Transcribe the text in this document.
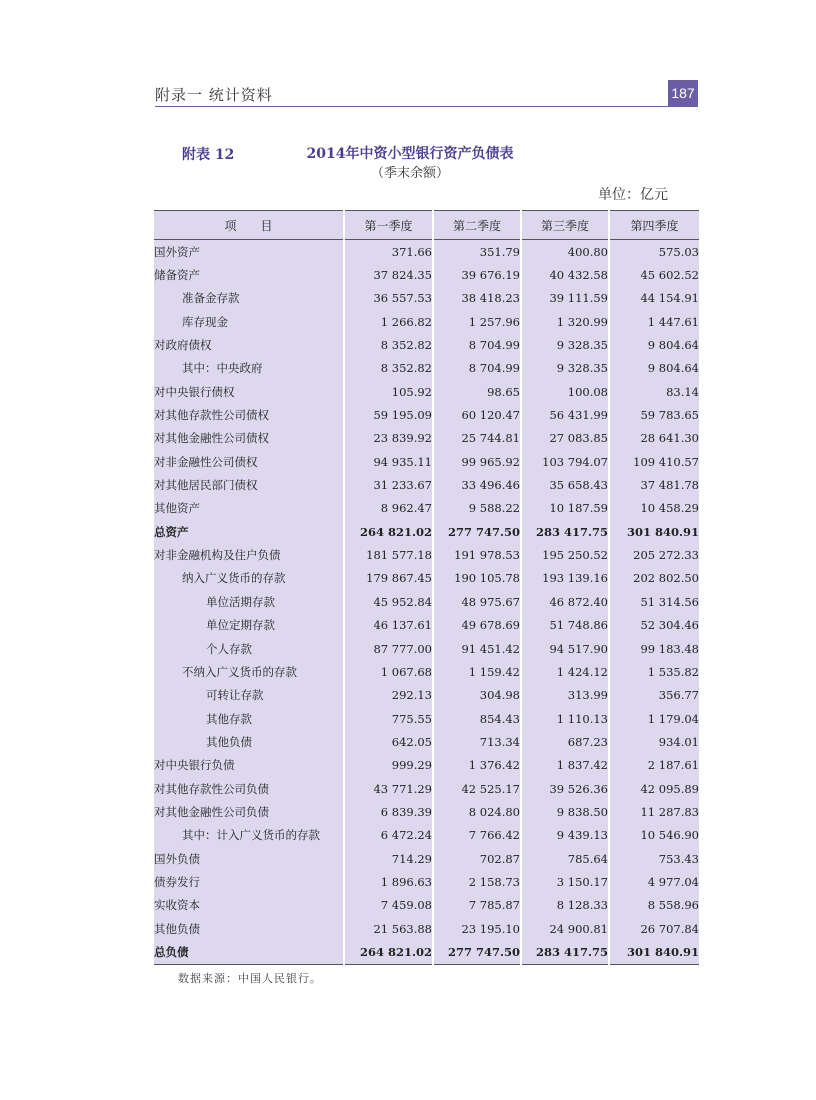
附录一 统计资料	187
附表 12	2014年中资小型银行资产负债表
（季末余额）
单位：亿元
项　　目	第一季度	第二季度	第三季度	第四季度
国外资产	371.66	351.79	400.80	575.03
储备资产	37 824.35	39 676.19	40 432.58	45 602.52
准备金存款	36 557.53	38 418.23	39 111.59	44 154.91
库存现金	1 266.82	1 257.96	1 320.99	1 447.61
对政府债权	8 352.82	8 704.99	9 328.35	9 804.64
其中：中央政府	8 352.82	8 704.99	9 328.35	9 804.64
对中央银行债权	105.92	98.65	100.08	83.14
对其他存款性公司债权	59 195.09	60 120.47	56 431.99	59 783.65
对其他金融性公司债权	23 839.92	25 744.81	27 083.85	28 641.30
对非金融性公司债权	94 935.11	99 965.92	103 794.07	109 410.57
对其他居民部门债权	31 233.67	33 496.46	35 658.43	37 481.78
其他资产	8 962.47	9 588.22	10 187.59	10 458.29
总资产	264 821.02	277 747.50	283 417.75	301 840.91
对非金融机构及住户负债	181 577.18	191 978.53	195 250.52	205 272.33
纳入广义货币的存款	179 867.45	190 105.78	193 139.16	202 802.50
单位活期存款	45 952.84	48 975.67	46 872.40	51 314.56
单位定期存款	46 137.61	49 678.69	51 748.86	52 304.46
个人存款	87 777.00	91 451.42	94 517.90	99 183.48
不纳入广义货币的存款	1 067.68	1 159.42	1 424.12	1 535.82
可转让存款	292.13	304.98	313.99	356.77
其他存款	775.55	854.43	1 110.13	1 179.04
其他负债	642.05	713.34	687.23	934.01
对中央银行负债	999.29	1 376.42	1 837.42	2 187.61
对其他存款性公司负债	43 771.29	42 525.17	39 526.36	42 095.89
对其他金融性公司负债	6 839.39	8 024.80	9 838.50	11 287.83
其中：计入广义货币的存款	6 472.24	7 766.42	9 439.13	10 546.90
国外负债	714.29	702.87	785.64	753.43
债券发行	1 896.63	2 158.73	3 150.17	4 977.04
实收资本	7 459.08	7 785.87	8 128.33	8 558.96
其他负债	21 563.88	23 195.10	24 900.81	26 707.84
总负债	264 821.02	277 747.50	283 417.75	301 840.91
数据来源：中国人民银行。
